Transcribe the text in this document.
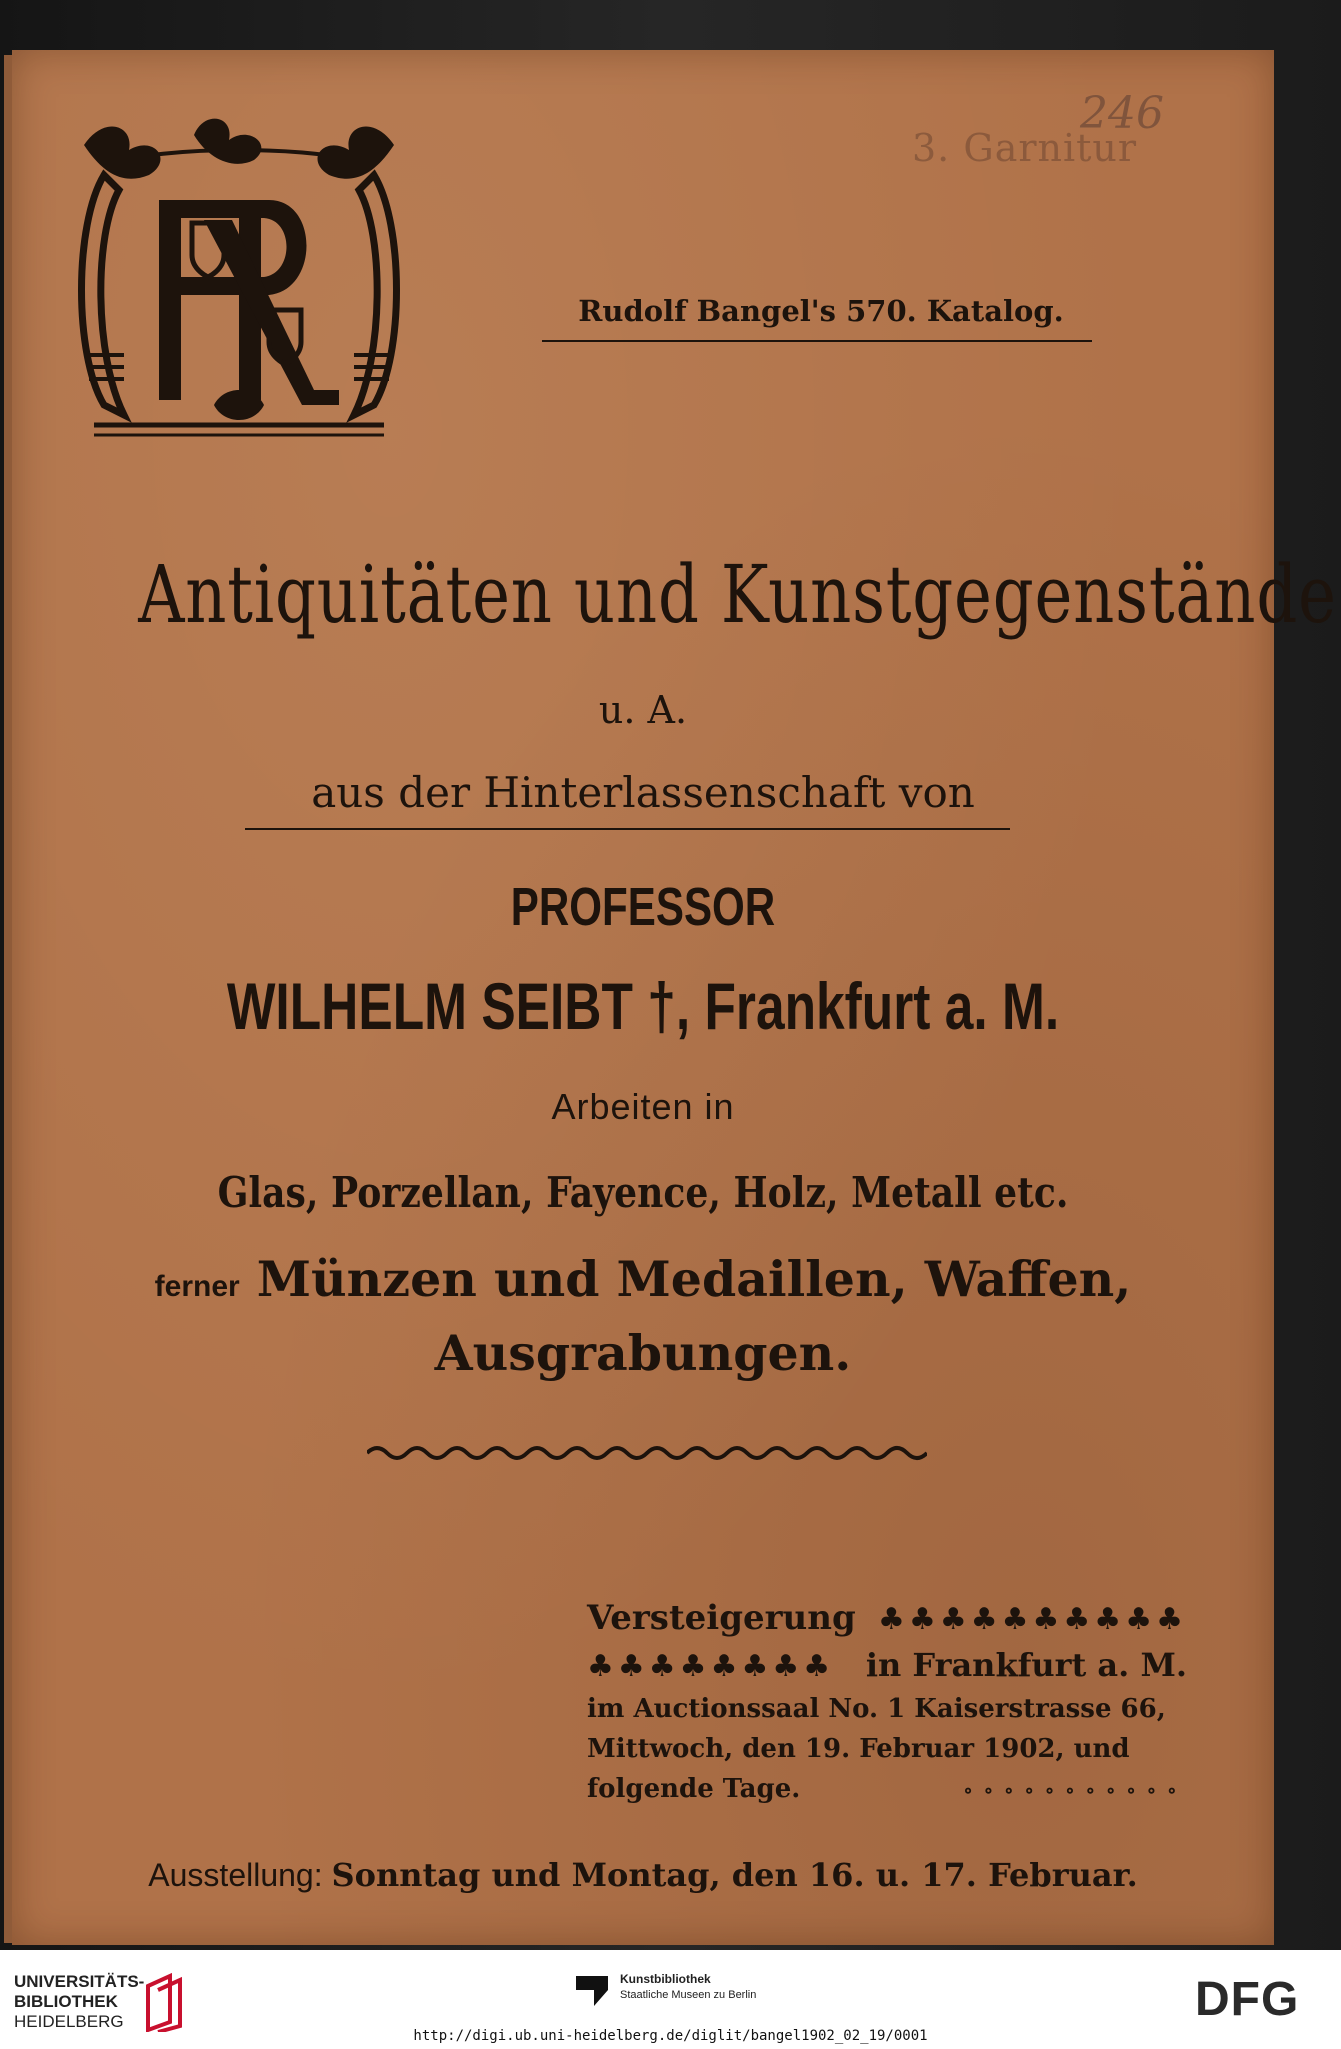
246
3. Garnitur
Rudolf Bangel's 570. Katalog.
Antiquitäten und Kunstgegenstände
u. A.
aus der Hinterlassenschaft von
PROFESSOR
WILHELM SEIBT †, Frankfurt a. M.
Arbeiten in
Glas, Porzellan, Fayence, Holz, Metall etc.
ferner Münzen und Medaillen, Waffen,
Ausgrabungen.
Versteigerung ♣♣♣♣♣♣♣♣♣♣
♣♣♣♣♣♣♣♣ in Frankfurt a. M.
im Auctionssaal No. 1 Kaiserstrasse 66,
Mittwoch, den 19. Februar 1902, und
folgende Tage.	∘∘∘∘∘∘∘∘∘∘∘
Ausstellung: Sonntag und Montag, den 16. u. 17. Februar.
UNIVERSITÄTS-
BIBLIOTHEK
HEIDELBERG
Kunstbibliothek
Staatliche Museen zu Berlin	DFG
http://digi.ub.uni-heidelberg.de/diglit/bangel1902_02_19/0001
